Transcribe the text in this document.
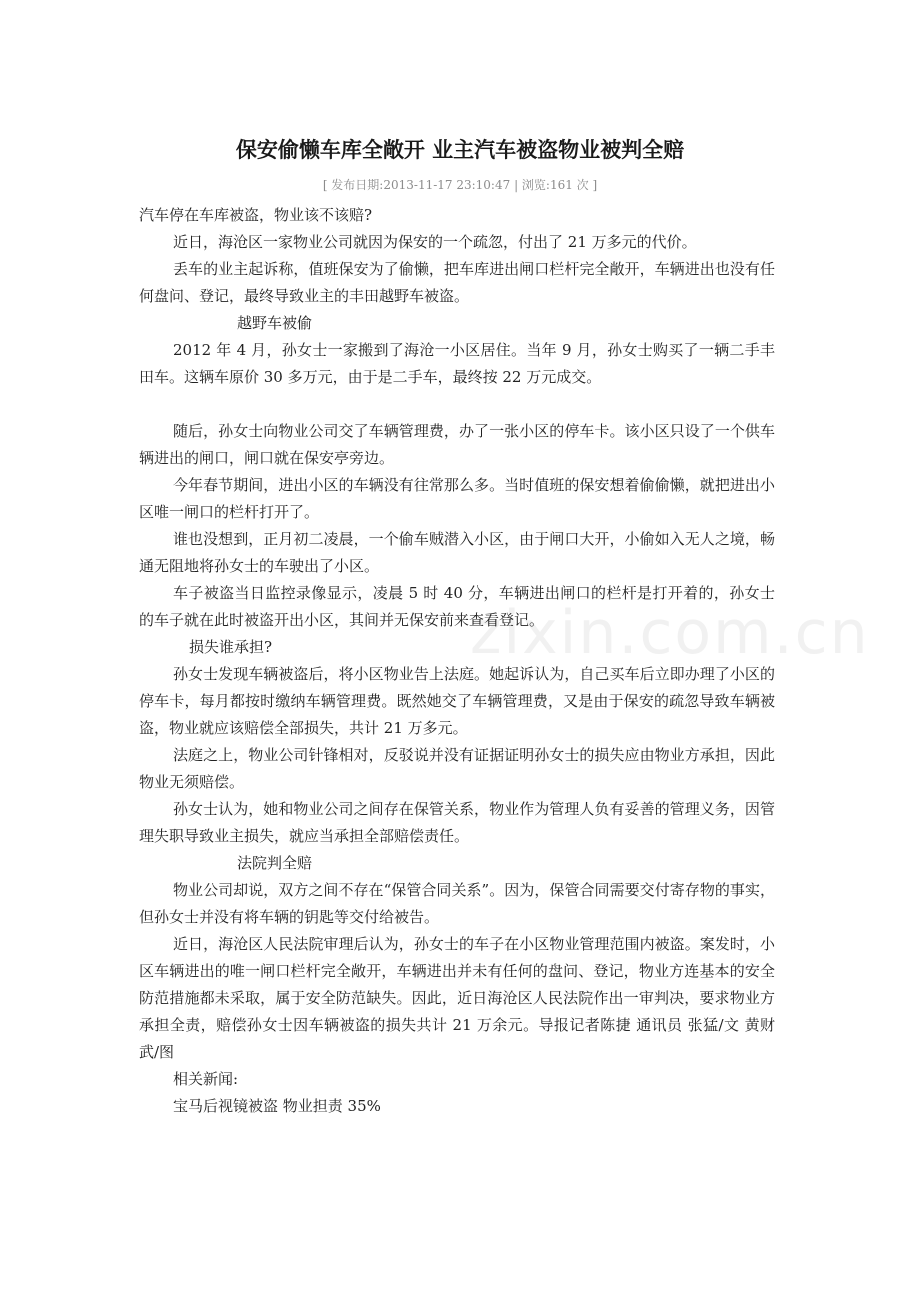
zixin.com.cn
保安偷懒车库全敞开 业主汽车被盗物业被判全赔
[ 发布日期:2013-11-17 23:10:47 | 浏览:161 次 ]

汽车停在车库被盗，物业该不该赔?

近日，海沧区一家物业公司就因为保安的一个疏忽，付出了 21 万多元的代价。

丢车的业主起诉称，值班保安为了偷懒，把车库进出闸口栏杆完全敞开，车辆进出也没有任何盘问、登记，最终导致业主的丰田越野车被盗。

越野车被偷

2012 年 4 月，孙女士一家搬到了海沧一小区居住。当年 9 月，孙女士购买了一辆二手丰田车。这辆车原价 30 多万元，由于是二手车，最终按 22 万元成交。

随后，孙女士向物业公司交了车辆管理费，办了一张小区的停车卡。该小区只设了一个供车辆进出的闸口，闸口就在保安亭旁边。

今年春节期间，进出小区的车辆没有往常那么多。当时值班的保安想着偷偷懒，就把进出小区唯一闸口的栏杆打开了。

谁也没想到，正月初二凌晨，一个偷车贼潜入小区，由于闸口大开，小偷如入无人之境，畅通无阻地将孙女士的车驶出了小区。

车子被盗当日监控录像显示，凌晨 5 时 40 分，车辆进出闸口的栏杆是打开着的，孙女士的车子就在此时被盗开出小区，其间并无保安前来查看登记。

损失谁承担?

孙女士发现车辆被盗后，将小区物业告上法庭。她起诉认为，自己买车后立即办理了小区的停车卡，每月都按时缴纳车辆管理费。既然她交了车辆管理费，又是由于保安的疏忽导致车辆被盗，物业就应该赔偿全部损失，共计 21 万多元。

法庭之上，物业公司针锋相对，反驳说并没有证据证明孙女士的损失应由物业方承担，因此物业无须赔偿。

孙女士认为，她和物业公司之间存在保管关系，物业作为管理人负有妥善的管理义务，因管理失职导致业主损失，就应当承担全部赔偿责任。

法院判全赔

物业公司却说，双方之间不存在“保管合同关系”。因为，保管合同需要交付寄存物的事实，但孙女士并没有将车辆的钥匙等交付给被告。

近日，海沧区人民法院审理后认为，孙女士的车子在小区物业管理范围内被盗。案发时，小区车辆进出的唯一闸口栏杆完全敞开，车辆进出并未有任何的盘问、登记，物业方连基本的安全防范措施都未采取，属于安全防范缺失。因此，近日海沧区人民法院作出一审判决，要求物业方承担全责，赔偿孙女士因车辆被盗的损失共计 21 万余元。导报记者陈捷 通讯员 张猛/文 黄财武/图

相关新闻:

宝马后视镜被盗 物业担责 35%
